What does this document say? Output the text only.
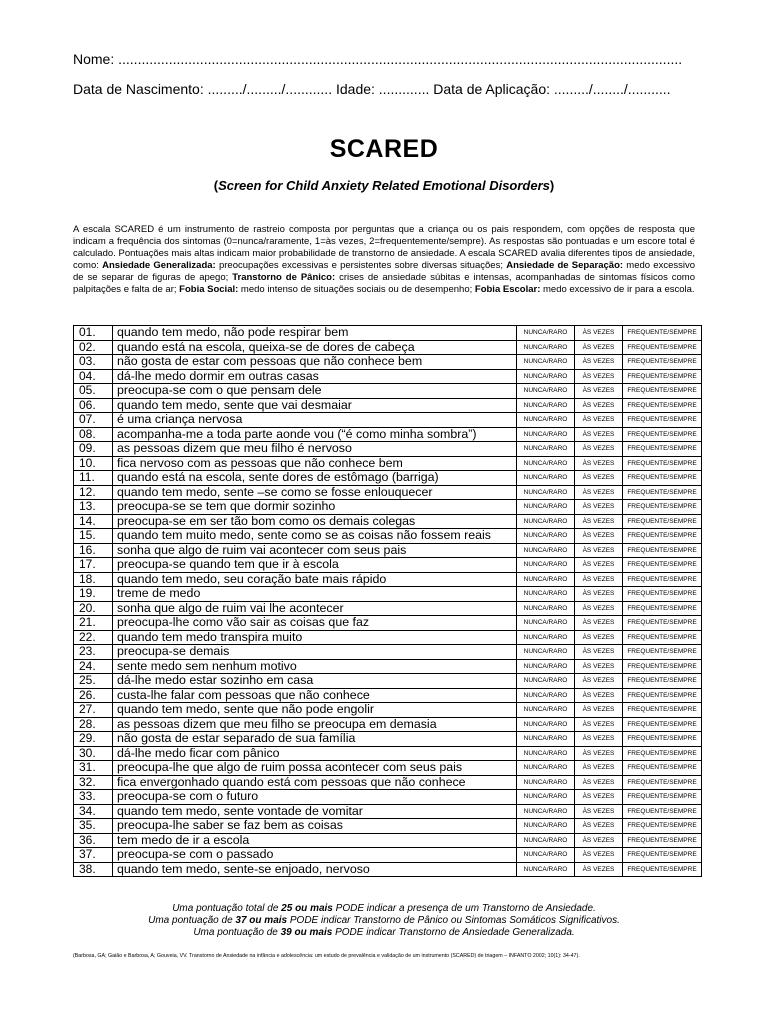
Nome: .................................................................................................................................................
Data de Nascimento: ........./........./............ Idade: ............. Data de Aplicação: ........./......../...........
SCARED
(Screen for Child Anxiety Related Emotional Disorders)
A escala SCARED é um instrumento de rastreio composta por perguntas que a criança ou os pais respondem, com opções de resposta que indicam a frequência dos sintomas (0=nunca/raramente, 1=às vezes, 2=frequentemente/sempre). As respostas são pontuadas e um escore total é calculado. Pontuações mais altas indicam maior probabilidade de transtorno de ansiedade. A escala SCARED avalia diferentes tipos de ansiedade, como: Ansiedade Generalizada: preocupações excessivas e persistentes sobre diversas situações; Ansiedade de Separação: medo excessivo de se separar de figuras de apego; Transtorno de Pânico: crises de ansiedade súbitas e intensas, acompanhadas de sintomas físicos como palpitações e falta de ar; Fobia Social: medo intenso de situações sociais ou de desempenho; Fobia Escolar: medo excessivo de ir para a escola.
01.	quando tem medo, não pode respirar bem	NUNCA/RARO	ÀS VEZES	FREQUENTE/SEMPRE
02.	quando está na escola, queixa-se de dores de cabeça	NUNCA/RARO	ÀS VEZES	FREQUENTE/SEMPRE
03.	não gosta de estar com pessoas que não conhece bem	NUNCA/RARO	ÀS VEZES	FREQUENTE/SEMPRE
04.	dá-lhe medo dormir em outras casas	NUNCA/RARO	ÀS VEZES	FREQUENTE/SEMPRE
05.	preocupa-se com o que pensam dele	NUNCA/RARO	ÀS VEZES	FREQUENTE/SEMPRE
06.	quando tem medo, sente que vai desmaiar	NUNCA/RARO	ÀS VEZES	FREQUENTE/SEMPRE
07.	é uma criança nervosa	NUNCA/RARO	ÀS VEZES	FREQUENTE/SEMPRE
08.	acompanha-me a toda parte aonde vou (“é como minha sombra”)	NUNCA/RARO	ÀS VEZES	FREQUENTE/SEMPRE
09.	as pessoas dizem que meu filho é nervoso	NUNCA/RARO	ÀS VEZES	FREQUENTE/SEMPRE
10.	fica nervoso com as pessoas que não conhece bem	NUNCA/RARO	ÀS VEZES	FREQUENTE/SEMPRE
11.	quando está na escola, sente dores de estômago (barriga)	NUNCA/RARO	ÀS VEZES	FREQUENTE/SEMPRE
12.	quando tem medo, sente –se como se fosse enlouquecer	NUNCA/RARO	ÀS VEZES	FREQUENTE/SEMPRE
13.	preocupa-se se tem que dormir sozinho	NUNCA/RARO	ÀS VEZES	FREQUENTE/SEMPRE
14.	preocupa-se em ser tão bom como os demais colegas	NUNCA/RARO	ÀS VEZES	FREQUENTE/SEMPRE
15.	quando tem muito medo, sente como se as coisas não fossem reais	NUNCA/RARO	ÀS VEZES	FREQUENTE/SEMPRE
16.	sonha que algo de ruim vai acontecer com seus pais	NUNCA/RARO	ÀS VEZES	FREQUENTE/SEMPRE
17.	preocupa-se quando tem que ir à escola	NUNCA/RARO	ÀS VEZES	FREQUENTE/SEMPRE
18.	quando tem medo, seu coração bate mais rápido	NUNCA/RARO	ÀS VEZES	FREQUENTE/SEMPRE
19.	treme de medo	NUNCA/RARO	ÀS VEZES	FREQUENTE/SEMPRE
20.	sonha que algo de ruim vai lhe acontecer	NUNCA/RARO	ÀS VEZES	FREQUENTE/SEMPRE
21.	preocupa-lhe como vão sair as coisas que faz	NUNCA/RARO	ÀS VEZES	FREQUENTE/SEMPRE
22.	quando tem medo transpira muito	NUNCA/RARO	ÀS VEZES	FREQUENTE/SEMPRE
23.	preocupa-se demais	NUNCA/RARO	ÀS VEZES	FREQUENTE/SEMPRE
24.	sente medo sem nenhum motivo	NUNCA/RARO	ÀS VEZES	FREQUENTE/SEMPRE
25.	dá-lhe medo estar sozinho em casa	NUNCA/RARO	ÀS VEZES	FREQUENTE/SEMPRE
26.	custa-lhe falar com pessoas que não conhece	NUNCA/RARO	ÀS VEZES	FREQUENTE/SEMPRE
27.	quando tem medo, sente que não pode engolir	NUNCA/RARO	ÀS VEZES	FREQUENTE/SEMPRE
28.	as pessoas dizem que meu filho se preocupa em demasia	NUNCA/RARO	ÀS VEZES	FREQUENTE/SEMPRE
29.	não gosta de estar separado de sua família	NUNCA/RARO	ÀS VEZES	FREQUENTE/SEMPRE
30.	dá-lhe medo ficar com pânico	NUNCA/RARO	ÀS VEZES	FREQUENTE/SEMPRE
31.	preocupa-lhe que algo de ruim possa acontecer com seus pais	NUNCA/RARO	ÀS VEZES	FREQUENTE/SEMPRE
32.	fica envergonhado quando está com pessoas que não conhece	NUNCA/RARO	ÀS VEZES	FREQUENTE/SEMPRE
33.	preocupa-se com o futuro	NUNCA/RARO	ÀS VEZES	FREQUENTE/SEMPRE
34.	quando tem medo, sente vontade de vomitar	NUNCA/RARO	ÀS VEZES	FREQUENTE/SEMPRE
35.	preocupa-lhe saber se faz bem as coisas	NUNCA/RARO	ÀS VEZES	FREQUENTE/SEMPRE
36.	tem medo de ir a escola	NUNCA/RARO	ÀS VEZES	FREQUENTE/SEMPRE
37.	preocupa-se com o passado	NUNCA/RARO	ÀS VEZES	FREQUENTE/SEMPRE
38.	quando tem medo, sente-se enjoado, nervoso	NUNCA/RARO	ÀS VEZES	FREQUENTE/SEMPRE
Uma pontuação total de 25 ou mais PODE indicar a presença de um Transtorno de Ansiedade.
Uma pontuação de 37 ou mais PODE indicar Transtorno de Pânico ou Sintomas Somáticos Significativos.
Uma pontuação de 39 ou mais PODE indicar Transtorno de Ansiedade Generalizada.
(Barbosa, GA; Gaião e Barbosa, A; Gouveia, VV. Transtorno de Ansiedade na infância e adolescência: um estudo de prevalência e validação de um instrumento (SCARED) de triagem – INFANTO 2002; 10(1): 34-47).
